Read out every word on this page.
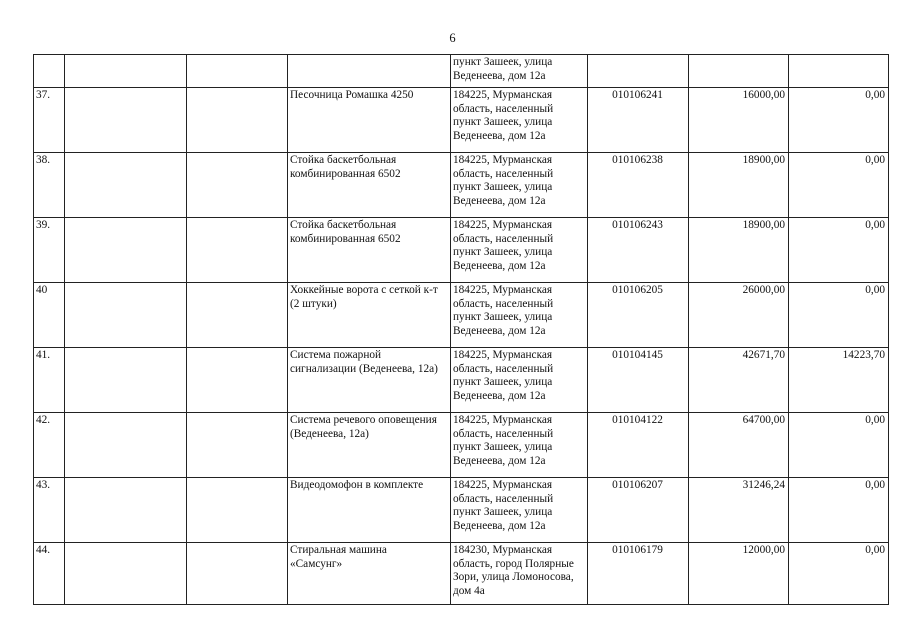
6

				пункт Зашеек, улица
Веденеева, дом 12а			

37.			Песочница Ромашка 4250	184225, Мурманская
область, населенный
пункт Зашеек, улица
Веденеева, дом 12а	010106241	16000,00	0,00
38.			Стойка баскетбольная
комбинированная 6502	184225, Мурманская
область, населенный
пункт Зашеек, улица
Веденеева, дом 12а	010106238	18900,00	0,00
39.			Стойка баскетбольная
комбинированная 6502	184225, Мурманская
область, населенный
пункт Зашеек, улица
Веденеева, дом 12а	010106243	18900,00	0,00
40			Хоккейные ворота с сеткой к-т
(2 штуки)	184225, Мурманская
область, населенный
пункт Зашеек, улица
Веденеева, дом 12а	010106205	26000,00	0,00
41.			Система пожарной
сигнализации (Веденеева, 12а)	184225, Мурманская
область, населенный
пункт Зашеек, улица
Веденеева, дом 12а	010104145	42671,70	14223,70
42.			Система речевого оповещения
(Веденеева, 12а)	184225, Мурманская
область, населенный
пункт Зашеек, улица
Веденеева, дом 12а	010104122	64700,00	0,00
43.			Видеодомофон в комплекте	184225, Мурманская
область, населенный
пункт Зашеек, улица
Веденеева, дом 12а	010106207	31246,24	0,00
44.			Стиральная машина
«Самсунг»	184230, Мурманская
область, город Полярные
Зори, улица Ломоносова,
дом 4а	010106179	12000,00	0,00
